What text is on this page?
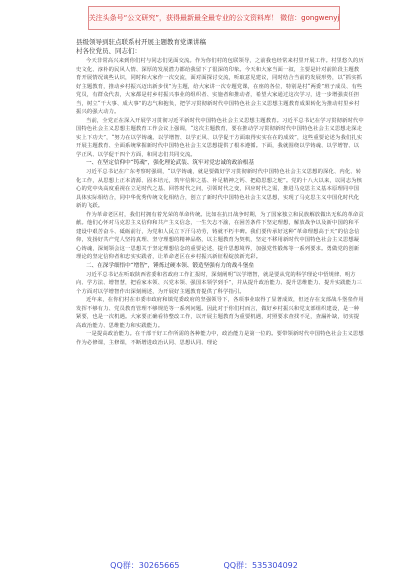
关注头条号“公文研究”，获得最新最全最专业的公文资料库！ 微信：gongwenyj
县级领导到驻点联系村开展主题教育党课讲稿
村各位党员、同志们：

今天非常高兴来到你们村与同志们见面交流。作为你们村的包联领导，之前我也经常来村里开展工作。村里悠久的历史文化、淳朴的民风人情、深厚的发展潜力都给我留下了很深的印象。今天和大家当面一叙，主要是针对前阶段主题教育开展情况谈些认识，同时和大家作一次交流，面对面探讨交流，听取意见建议，同时结合当前的发展形势，以“抓实抓好主题教育，推动乡村振兴迈出新步伐”为主题，给大家讲一次专题党课，在座的各位，特别是村“两委”班子成员、有些党员，有群众代表，大家都是村乡村振兴事业的组织者、实施者和推动者，希望大家通过这次学习，进一步增强责任担当，树立“干大事、成大事”的志气和抱负，把学习贯彻新时代中国特色社会主义思想主题教育成果转化为推动村里乡村振兴的强大动力。

当前，全党正在深入开展学习贯彻习近平新时代中国特色社会主义思想主题教育。习近平总书记在学习贯彻新时代中国特色社会主义思想主题教育工作会议上强调，“这次主题教育，要在推动学习贯彻新时代中国特色社会主义思想走深走实上下功夫”，“努力在以学铸魂、以学增智、以学正风、以学促干方面取得实实在在的成效”，这些重要论述为我们扎实开展主题教育、全面系统掌握新时代中国特色社会主义思想提供了根本遵循。下面，我就围绕以学铸魂、以学增智、以学正风、以学促干四个方面，和同志们共同交流。

一、在坚定信仰中“铸魂”，强化理论武装、筑牢对党忠诚的政治根基

习近平总书记在广东考察时强调，“以学铸魂，就是要做好学习贯彻新时代中国特色社会主义思想的深化、内化、转化工作，从思想上正本清源、固本培元，筑牢信仰之基、补足精神之钙、把稳思想之舵”。党的十八大以来，以同志为核心的党中央高度重视在立足时代之基、回答时代之问，引领时代之变，回应时代之需，推进马克思主义基本原理同中国具体实际相结合，同中华优秀传统文化相结合，创立了新时代中国特色社会主义思想，实现了马克思主义中国化时代化新的飞跃。

作为革命老区村，我们村拥有着光荣的革命传统。比如在抗日战争时期，为了国家独立和民族解放做出无私的革命贡献。他们心怀对马克思主义信仰和共产主义信念，一生矢志不渝，在困苦条件下坚定理想，解放战争以及新中国的和平建设中艰苦奋斗、砥砺前行，为党和人民立下汗马功劳，铸就不朽丰碑。我们要传承好这种“革命理想高于天”的信念信仰，发扬好共产党人坚持真理、坚守理想的精神品格，以主题教育为契机，坚定不移用新时代中国特色社会主义思想凝心铸魂，深刻领会这一思想关于坚定理想信念的重要论述，提升思想境界，加强党性锻炼等一系列要求。勇做党的创新理论的坚定信仰者和忠实实践者，让革命老区在乡村振兴新征程绽放新光彩。

二、在深学细悟中“增智”，锤炼过硬本领、锻造坚强有力的战斗堡垒

习近平总书记在听取陕西省委和省政府工作汇报时，深刻阐明“以学增智，就是要从党的科学理论中悟规律、明方向、学方法、增智慧，把看家本领、兴党本领、强国本领学到手”，并从提升政治能力、提升思维能力、提升实践能力三个方面对以学增智作出深刻阐述，为开展好主题教育提供了科学指引。

近年来，在你们村在市委市政府和镇党委政府的坚强领导下，各项事业取得了显著成效，但还存在支部战斗堡垒作用发挥不够有力、党员教育管理不够规范等一系列问题。因此对于你们村而言，做好乡村振兴和党支部组织建设，是一种紧要，也是一次机遇。大家要正确看待整改工作，以开展主题教育为重要机遇，对照要求查找不足，查漏补缺，切实提高政治能力、思维能力和实践能力。

一是提高政治能力。在干部干好工作所需的各种能力中，政治能力是第一位的。要带领新时代中国特色社会主义思想作为必修课，主修课，不断增进政治认同、思想认同、理论

QQ群：30265665	QQ群：535304092
